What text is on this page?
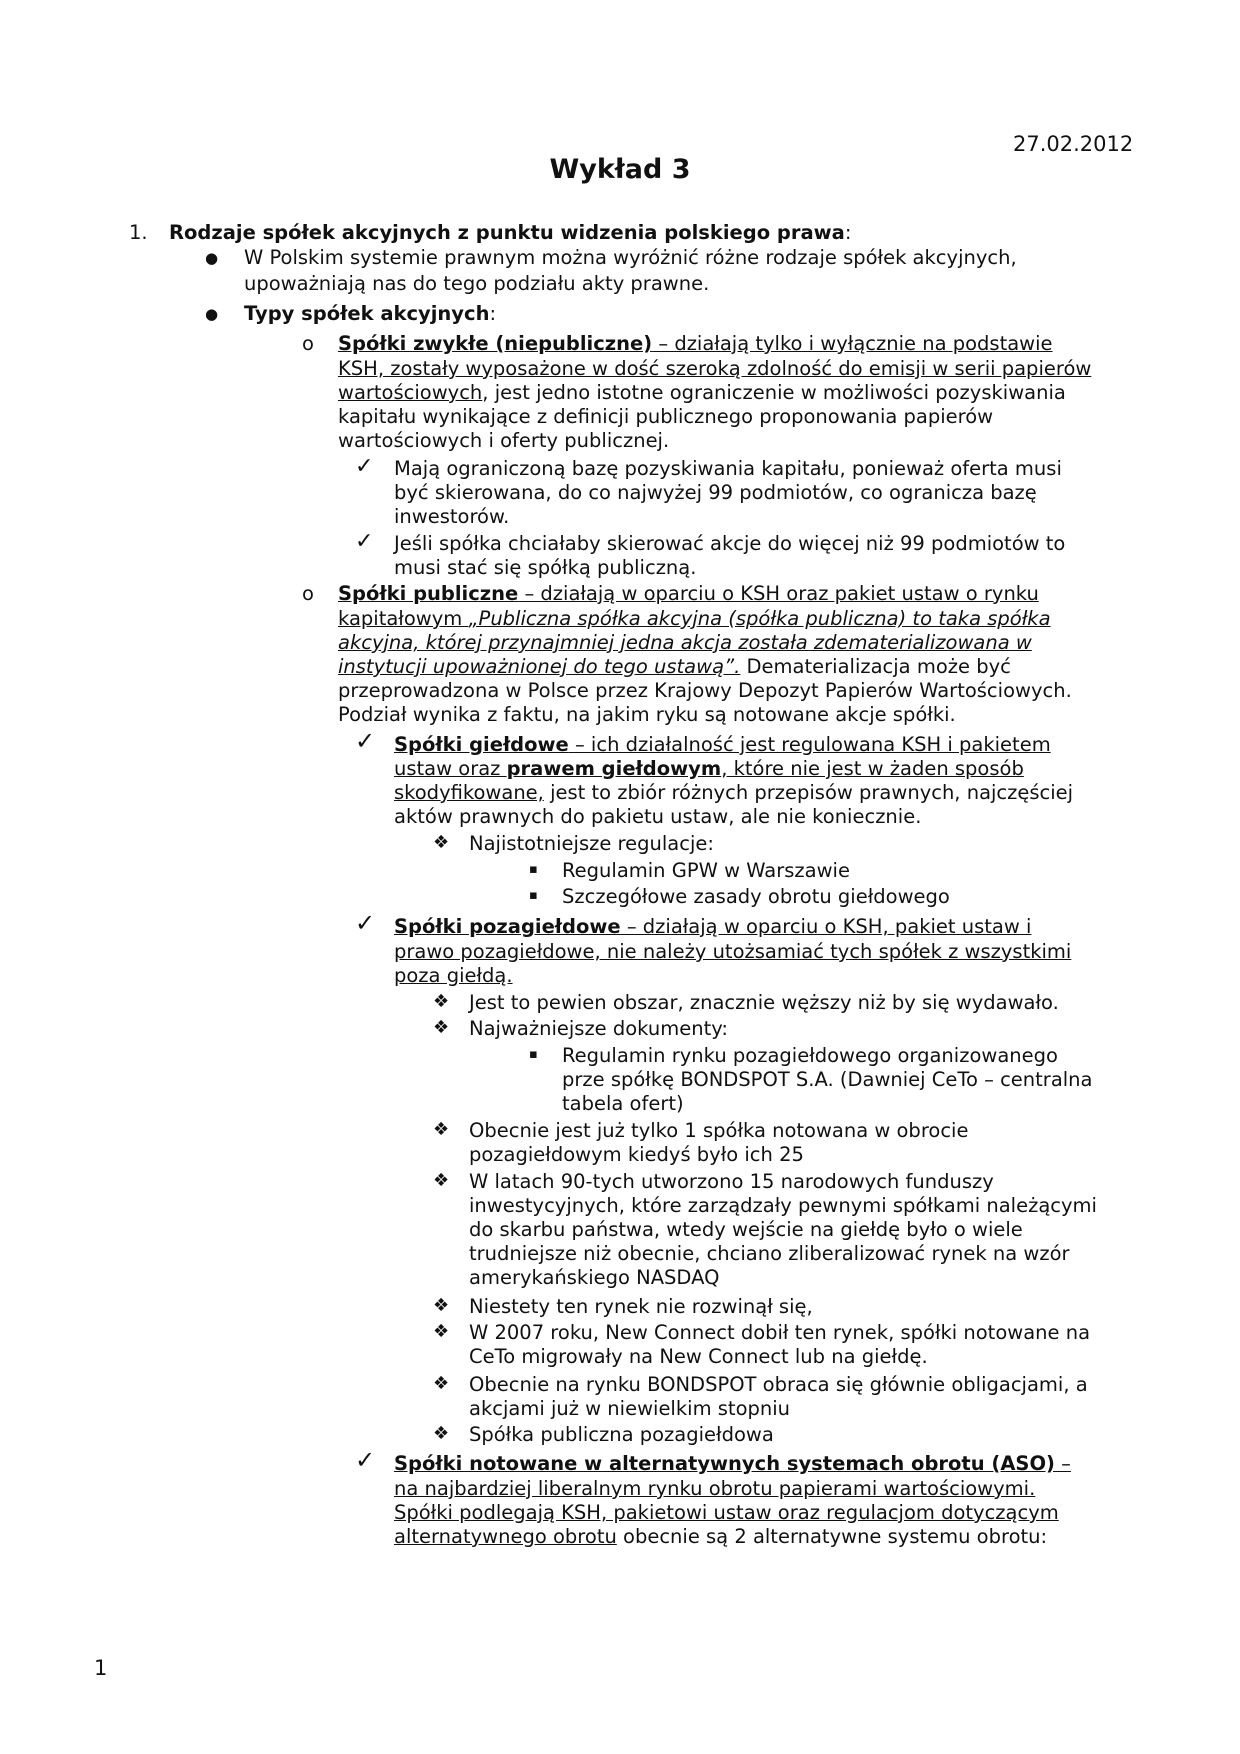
27.02.2012
Wykład 3
1. Rodzaje spółek akcyjnych z punktu widzenia polskiego prawa:
● W Polskim systemie prawnym można wyróżnić różne rodzaje spółek akcyjnych,
upoważniają nas do tego podziału akty prawne.
● Typy spółek akcyjnych:
o Spółki zwykłe (niepubliczne) – działają tylko i wyłącznie na podstawie
KSH, zostały wyposażone w dość szeroką zdolność do emisji w serii papierów
wartościowych, jest jedno istotne ograniczenie w możliwości pozyskiwania
kapitału wynikające z definicji publicznego proponowania papierów
wartościowych i oferty publicznej.
✓ Mają ograniczoną bazę pozyskiwania kapitału, ponieważ oferta musi
być skierowana, do co najwyżej 99 podmiotów, co ogranicza bazę
inwestorów.
✓ Jeśli spółka chciałaby skierować akcje do więcej niż 99 podmiotów to
musi stać się spółką publiczną.
o Spółki publiczne – działają w oparciu o KSH oraz pakiet ustaw o rynku
kapitałowym „Publiczna spółka akcyjna (spółka publiczna) to taka spółka
akcyjna, której przynajmniej jedna akcja została zdematerializowana w
instytucji upoważnionej do tego ustawą”. Dematerializacja może być
przeprowadzona w Polsce przez Krajowy Depozyt Papierów Wartościowych.
Podział wynika z faktu, na jakim ryku są notowane akcje spółki.
✓ Spółki giełdowe – ich działalność jest regulowana KSH i pakietem
ustaw oraz prawem giełdowym, które nie jest w żaden sposób
skodyfikowane, jest to zbiór różnych przepisów prawnych, najczęściej
aktów prawnych do pakietu ustaw, ale nie koniecznie.
❖ Najistotniejsze regulacje:
▪ Regulamin GPW w Warszawie
▪ Szczegółowe zasady obrotu giełdowego
✓ Spółki pozagiełdowe – działają w oparciu o KSH, pakiet ustaw i
prawo pozagiełdowe, nie należy utożsamiać tych spółek z wszystkimi
poza giełdą.
❖ Jest to pewien obszar, znacznie węższy niż by się wydawało.
❖ Najważniejsze dokumenty:
▪ Regulamin rynku pozagiełdowego organizowanego
prze spółkę BONDSPOT S.A. (Dawniej CeTo – centralna
tabela ofert)
❖ Obecnie jest już tylko 1 spółka notowana w obrocie
pozagiełdowym kiedyś było ich 25
❖ W latach 90-tych utworzono 15 narodowych funduszy
inwestycyjnych, które zarządzały pewnymi spółkami należącymi
do skarbu państwa, wtedy wejście na giełdę było o wiele
trudniejsze niż obecnie, chciano zliberalizować rynek na wzór
amerykańskiego NASDAQ
❖ Niestety ten rynek nie rozwinął się,
❖ W 2007 roku, New Connect dobił ten rynek, spółki notowane na
CeTo migrowały na New Connect lub na giełdę.
❖ Obecnie na rynku BONDSPOT obraca się głównie obligacjami, a
akcjami już w niewielkim stopniu
❖ Spółka publiczna pozagiełdowa
✓ Spółki notowane w alternatywnych systemach obrotu (ASO) –
na najbardziej liberalnym rynku obrotu papierami wartościowymi.
Spółki podlegają KSH, pakietowi ustaw oraz regulacjom dotyczącym
alternatywnego obrotu obecnie są 2 alternatywne systemu obrotu:
1
